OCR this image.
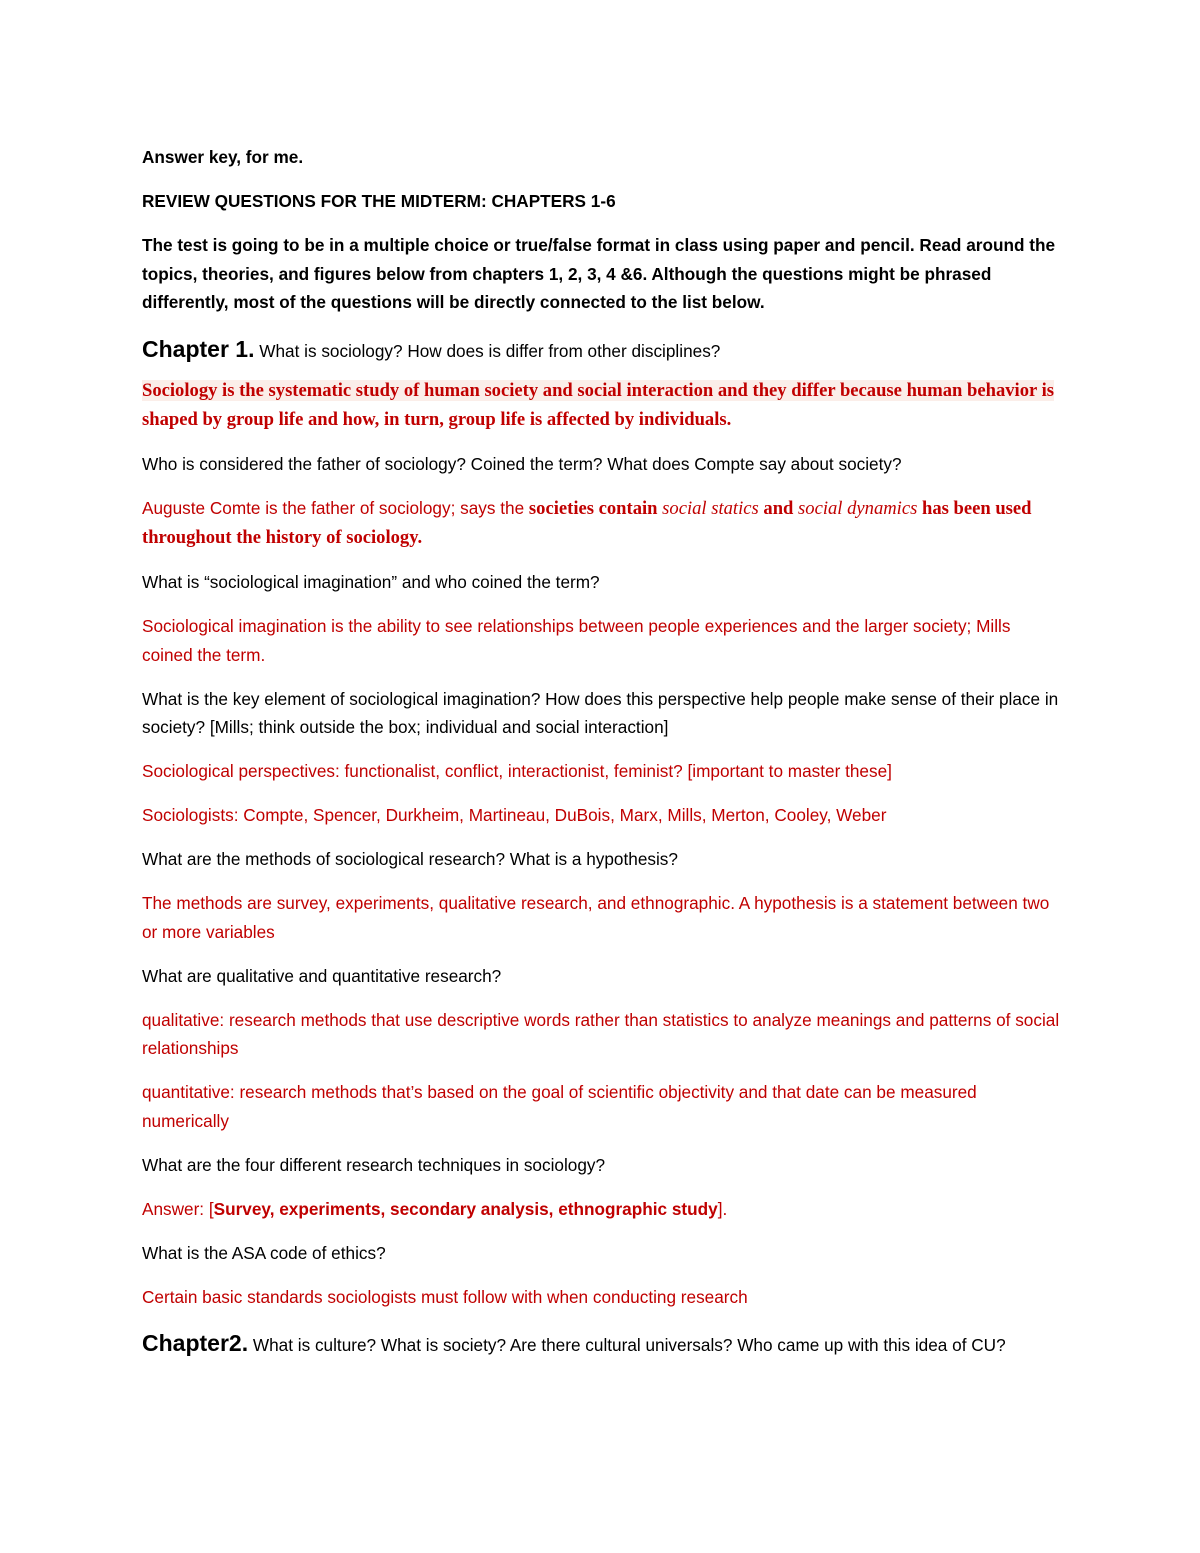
Answer key, for me.

REVIEW QUESTIONS FOR THE MIDTERM: CHAPTERS 1-6

The test is going to be in a multiple choice or true/false format in class using paper and pencil. Read around the topics, theories, and figures below from chapters 1, 2, 3, 4 &6. Although the questions might be phrased differently, most of the questions will be directly connected to the list below.

Chapter 1. What is sociology? How does is differ from other disciplines?

Sociology is the systematic study of human society and social interaction and they differ because human behavior is shaped by group life and how, in turn, group life is affected by individuals.

Who is considered the father of sociology? Coined the term? What does Compte say about society?

Auguste Comte is the father of sociology; says the societies contain social statics and social dynamics has been used throughout the history of sociology.

What is “sociological imagination” and who coined the term?

Sociological imagination is the ability to see relationships between people experiences and the larger society; Mills coined the term.

What is the key element of sociological imagination? How does this perspective help people make sense of their place in society? [Mills; think outside the box; individual and social interaction]

Sociological perspectives: functionalist, conflict, interactionist, feminist? [important to master these]

Sociologists: Compte, Spencer, Durkheim, Martineau, DuBois, Marx, Mills, Merton, Cooley, Weber

What are the methods of sociological research? What is a hypothesis?

The methods are survey, experiments, qualitative research, and ethnographic. A hypothesis is a statement between two or more variables

What are qualitative and quantitative research?

qualitative: research methods that use descriptive words rather than statistics to analyze meanings and patterns of social relationships

quantitative: research methods that’s based on the goal of scientific objectivity and that date can be measured numerically

What are the four different research techniques in sociology?

Answer: [Survey, experiments, secondary analysis, ethnographic study].

What is the ASA code of ethics?

Certain basic standards sociologists must follow with when conducting research

Chapter2. What is culture? What is society? Are there cultural universals? Who came up with this idea of CU?
